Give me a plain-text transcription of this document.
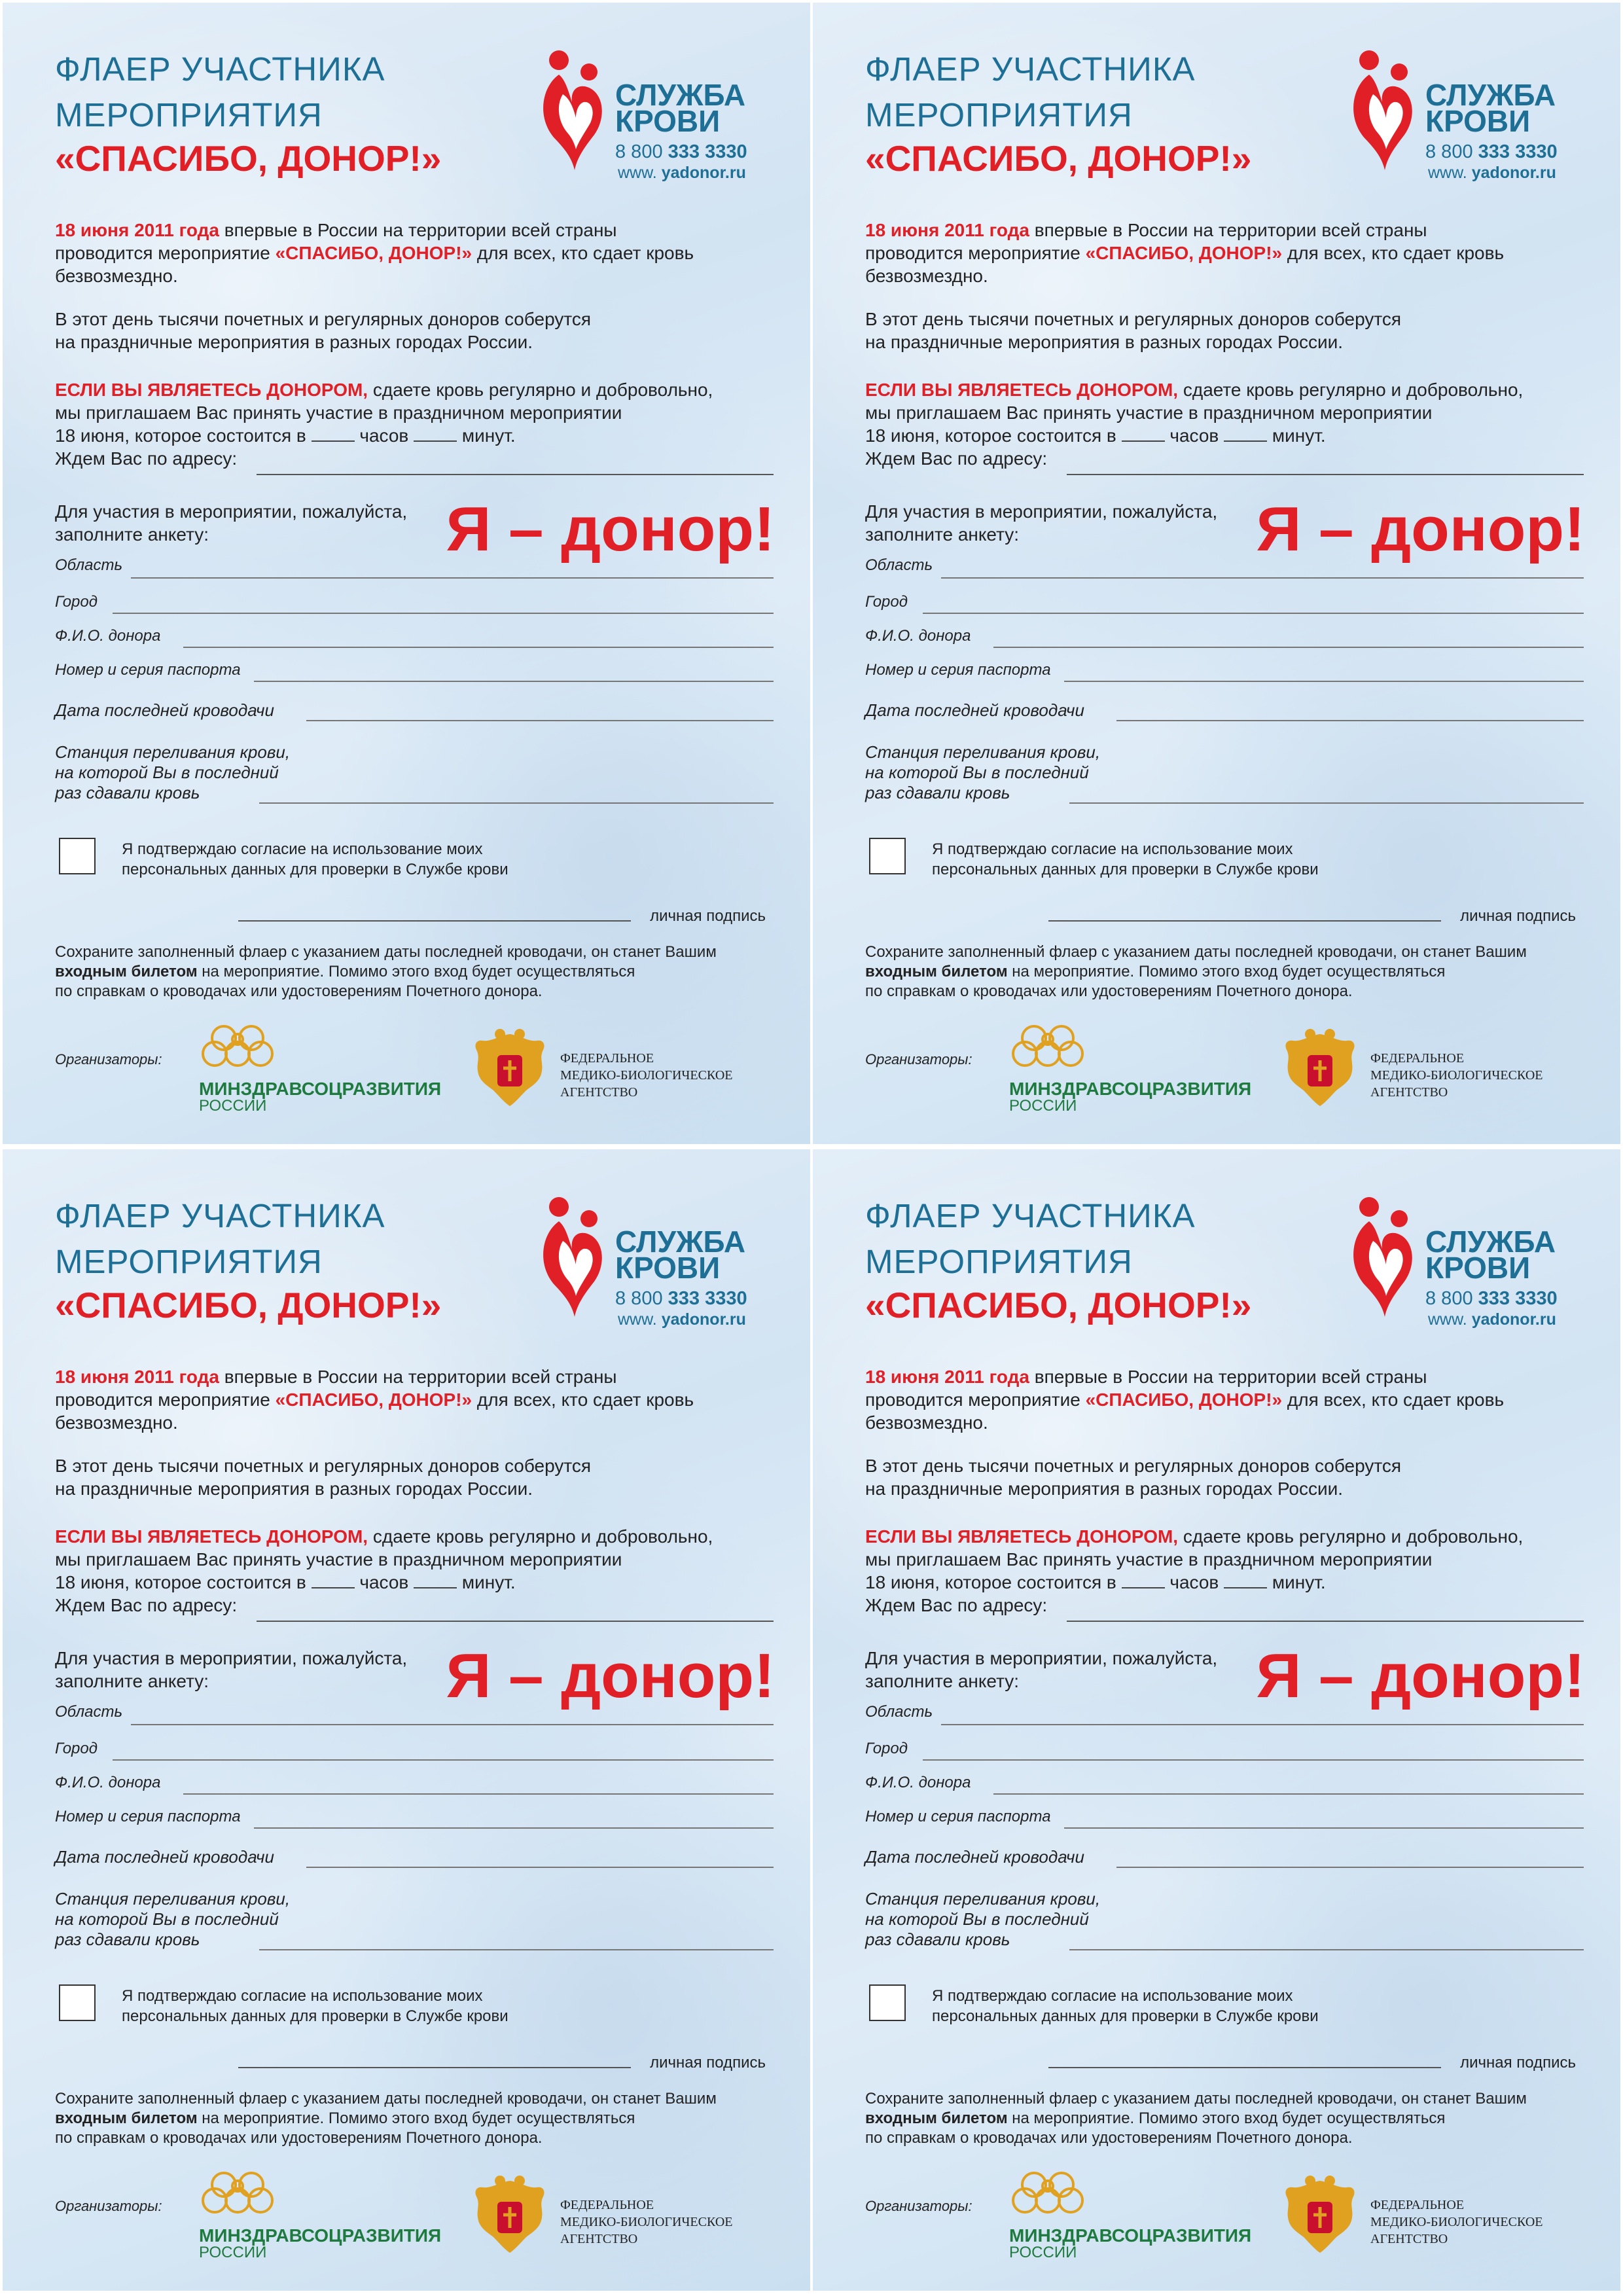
ФЛАЕР УЧАСТНИКА
МЕРОПРИЯТИЯ
«СПАСИБО, ДОНОР!»
СЛУЖБА
КРОВИ
8 800 333 3330
www. yadonor.ru
18 июня 2011 года впервые в России на территории всей страны
проводится мероприятие «СПАСИБО, ДОНОР!» для всех, кто сдает кровь
безвозмездно.
В этот день тысячи почетных и регулярных доноров соберутся
на праздничные мероприятия в разных городах России.
ЕСЛИ ВЫ ЯВЛЯЕТЕСЬ ДОНОРОМ, сдаете кровь регулярно и добровольно,
мы приглашаем Вас принять участие в праздничном мероприятии
18 июня, которое состоится в	часов	минут.
Ждем Вас по адресу:
Для участия в мероприятии, пожалуйста,
заполните анкету:	Я – донор!
Область
Город
Ф.И.О. донора
Номер и серия паспорта
Дата последней кроводачи
Станция переливания крови,
на которой Вы в последний
раз сдавали кровь
Я подтверждаю согласие на использование моих
персональных данных для проверки в Службе крови
личная подпись
Сохраните заполненный флаер с указанием даты последней кроводачи, он станет Вашим
входным билетом на мероприятие. Помимо этого вход будет осуществляться
по справкам о кроводачах или удостоверениям Почетного донора.
Организаторы:
МИНЗДРАВСОЦРАЗВИТИЯ
РОССИИ
ФЕДЕРАЛЬНОЕ
МЕДИКО-БИОЛОГИЧЕСКОЕ
АГЕНТСТВО
ФЛАЕР УЧАСТНИКА
МЕРОПРИЯТИЯ
«СПАСИБО, ДОНОР!»
СЛУЖБА
КРОВИ
8 800 333 3330
www. yadonor.ru
18 июня 2011 года впервые в России на территории всей страны
проводится мероприятие «СПАСИБО, ДОНОР!» для всех, кто сдает кровь
безвозмездно.
В этот день тысячи почетных и регулярных доноров соберутся
на праздничные мероприятия в разных городах России.
ЕСЛИ ВЫ ЯВЛЯЕТЕСЬ ДОНОРОМ, сдаете кровь регулярно и добровольно,
мы приглашаем Вас принять участие в праздничном мероприятии
18 июня, которое состоится в	часов	минут.
Ждем Вас по адресу:
Для участия в мероприятии, пожалуйста,
заполните анкету:	Я – донор!
Область
Город
Ф.И.О. донора
Номер и серия паспорта
Дата последней кроводачи
Станция переливания крови,
на которой Вы в последний
раз сдавали кровь
Я подтверждаю согласие на использование моих
персональных данных для проверки в Службе крови
личная подпись
Сохраните заполненный флаер с указанием даты последней кроводачи, он станет Вашим
входным билетом на мероприятие. Помимо этого вход будет осуществляться
по справкам о кроводачах или удостоверениям Почетного донора.
Организаторы:
МИНЗДРАВСОЦРАЗВИТИЯ
РОССИИ
ФЕДЕРАЛЬНОЕ
МЕДИКО-БИОЛОГИЧЕСКОЕ
АГЕНТСТВО
ФЛАЕР УЧАСТНИКА
МЕРОПРИЯТИЯ
«СПАСИБО, ДОНОР!»
СЛУЖБА
КРОВИ
8 800 333 3330
www. yadonor.ru
18 июня 2011 года впервые в России на территории всей страны
проводится мероприятие «СПАСИБО, ДОНОР!» для всех, кто сдает кровь
безвозмездно.
В этот день тысячи почетных и регулярных доноров соберутся
на праздничные мероприятия в разных городах России.
ЕСЛИ ВЫ ЯВЛЯЕТЕСЬ ДОНОРОМ, сдаете кровь регулярно и добровольно,
мы приглашаем Вас принять участие в праздничном мероприятии
18 июня, которое состоится в	часов	минут.
Ждем Вас по адресу:
Для участия в мероприятии, пожалуйста,
заполните анкету:	Я – донор!
Область
Город
Ф.И.О. донора
Номер и серия паспорта
Дата последней кроводачи
Станция переливания крови,
на которой Вы в последний
раз сдавали кровь
Я подтверждаю согласие на использование моих
персональных данных для проверки в Службе крови
личная подпись
Сохраните заполненный флаер с указанием даты последней кроводачи, он станет Вашим
входным билетом на мероприятие. Помимо этого вход будет осуществляться
по справкам о кроводачах или удостоверениям Почетного донора.
Организаторы:
МИНЗДРАВСОЦРАЗВИТИЯ
РОССИИ
ФЕДЕРАЛЬНОЕ
МЕДИКО-БИОЛОГИЧЕСКОЕ
АГЕНТСТВО
ФЛАЕР УЧАСТНИКА
МЕРОПРИЯТИЯ
«СПАСИБО, ДОНОР!»
СЛУЖБА
КРОВИ
8 800 333 3330
www. yadonor.ru
18 июня 2011 года впервые в России на территории всей страны
проводится мероприятие «СПАСИБО, ДОНОР!» для всех, кто сдает кровь
безвозмездно.
В этот день тысячи почетных и регулярных доноров соберутся
на праздничные мероприятия в разных городах России.
ЕСЛИ ВЫ ЯВЛЯЕТЕСЬ ДОНОРОМ, сдаете кровь регулярно и добровольно,
мы приглашаем Вас принять участие в праздничном мероприятии
18 июня, которое состоится в	часов	минут.
Ждем Вас по адресу:
Для участия в мероприятии, пожалуйста,
заполните анкету:	Я – донор!
Область
Город
Ф.И.О. донора
Номер и серия паспорта
Дата последней кроводачи
Станция переливания крови,
на которой Вы в последний
раз сдавали кровь
Я подтверждаю согласие на использование моих
персональных данных для проверки в Службе крови
личная подпись
Сохраните заполненный флаер с указанием даты последней кроводачи, он станет Вашим
входным билетом на мероприятие. Помимо этого вход будет осуществляться
по справкам о кроводачах или удостоверениям Почетного донора.
Организаторы:
МИНЗДРАВСОЦРАЗВИТИЯ
РОССИИ
ФЕДЕРАЛЬНОЕ
МЕДИКО-БИОЛОГИЧЕСКОЕ
АГЕНТСТВО
